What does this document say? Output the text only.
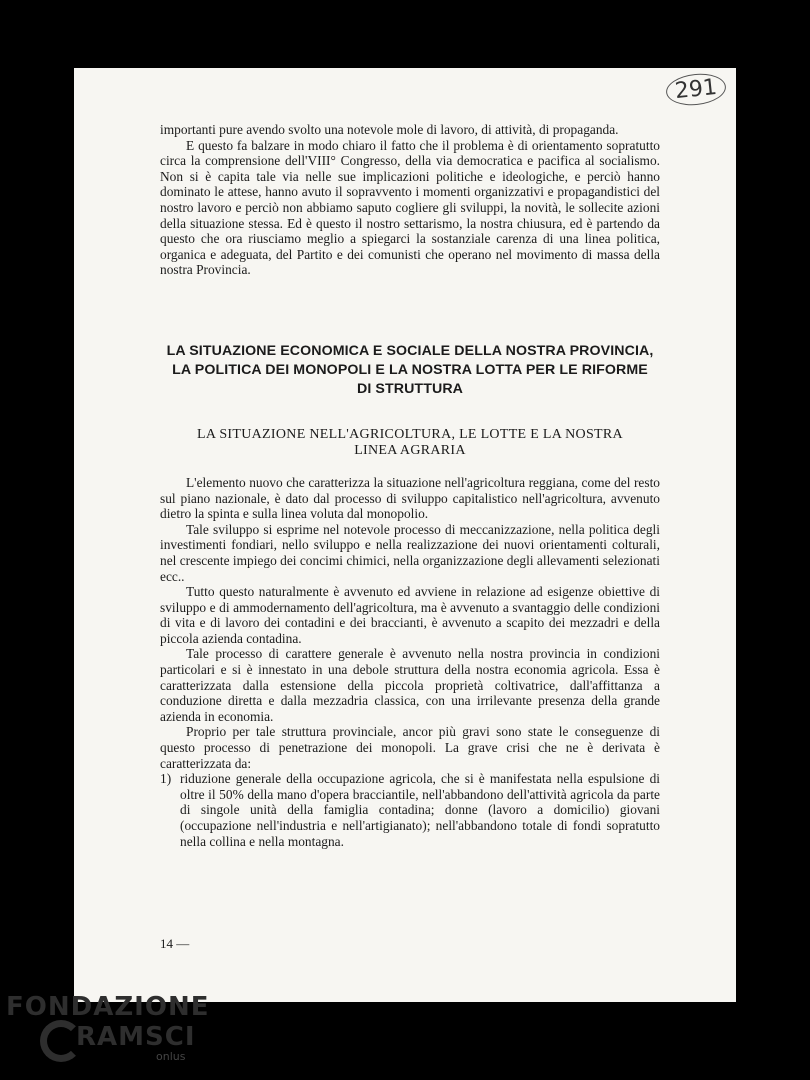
291

importanti pure avendo svolto una notevole mole di lavoro, di attività, di propaganda.

E questo fa balzare in modo chiaro il fatto che il problema è di orientamento sopratutto circa la comprensione dell'VIII° Congresso, della via democratica e pacifica al socialismo. Non si è capita tale via nelle sue implicazioni politiche e ideologiche, e perciò hanno dominato le attese, hanno avuto il sopravvento i momenti organizzativi e propagandistici del nostro lavoro e perciò non abbiamo saputo cogliere gli sviluppi, la novità, le sollecite azioni della situazione stessa. Ed è questo il nostro settarismo, la nostra chiusura, ed è partendo da questo che ora riusciamo meglio a spiegarci la sostanziale carenza di una linea politica, organica e adeguata, del Partito e dei comunisti che operano nel movimento di massa della nostra Provincia.

LA SITUAZIONE ECONOMICA E SOCIALE DELLA NOSTRA PROVINCIA,

LA POLITICA DEI MONOPOLI E LA NOSTRA LOTTA PER LE RIFORME

DI STRUTTURA

LA SITUAZIONE NELL'AGRICOLTURA, LE LOTTE E LA NOSTRA

LINEA AGRARIA

L'elemento nuovo che caratterizza la situazione nell'agricoltura reggiana, come del resto sul piano nazionale, è dato dal processo di sviluppo capitalistico nell'agricoltura, avvenuto dietro la spinta e sulla linea voluta dal monopolio.

Tale sviluppo si esprime nel notevole processo di meccanizzazione, nella politica degli investimenti fondiari, nello sviluppo e nella realizzazione dei nuovi orientamenti colturali, nel crescente impiego dei concimi chimici, nella organizzazione degli allevamenti selezionati ecc..

Tutto questo naturalmente è avvenuto ed avviene in relazione ad esigenze obiettive di sviluppo e di ammodernamento dell'agricoltura, ma è avvenuto a svantaggio delle condizioni di vita e di lavoro dei contadini e dei braccianti, è avvenuto a scapito dei mezzadri e della piccola azienda contadina.

Tale processo di carattere generale è avvenuto nella nostra provincia in condizioni particolari e si è innestato in una debole struttura della nostra economia agricola. Essa è caratterizzata dalla estensione della piccola proprietà coltivatrice, dall'affittanza a conduzione diretta e dalla mezzadria classica, con una irrilevante presenza della grande azienda in economia.

Proprio per tale struttura provinciale, ancor più gravi sono state le conseguenze di questo processo di penetrazione dei monopoli. La grave crisi che ne è derivata è caratterizzata da:

1) riduzione generale della occupazione agricola, che si è manifestata nella espulsione di oltre il 50% della mano d'opera bracciantile, nell'abbandono dell'attività agricola da parte di singole unità della famiglia contadina; donne (lavoro a domicilio) giovani (occupazione nell'industria e nell'artigianato); nell'abbandono totale di fondi sopratutto nella collina e nella montagna.
14 —
FONDAZIONE
RAMSCI
onlus
